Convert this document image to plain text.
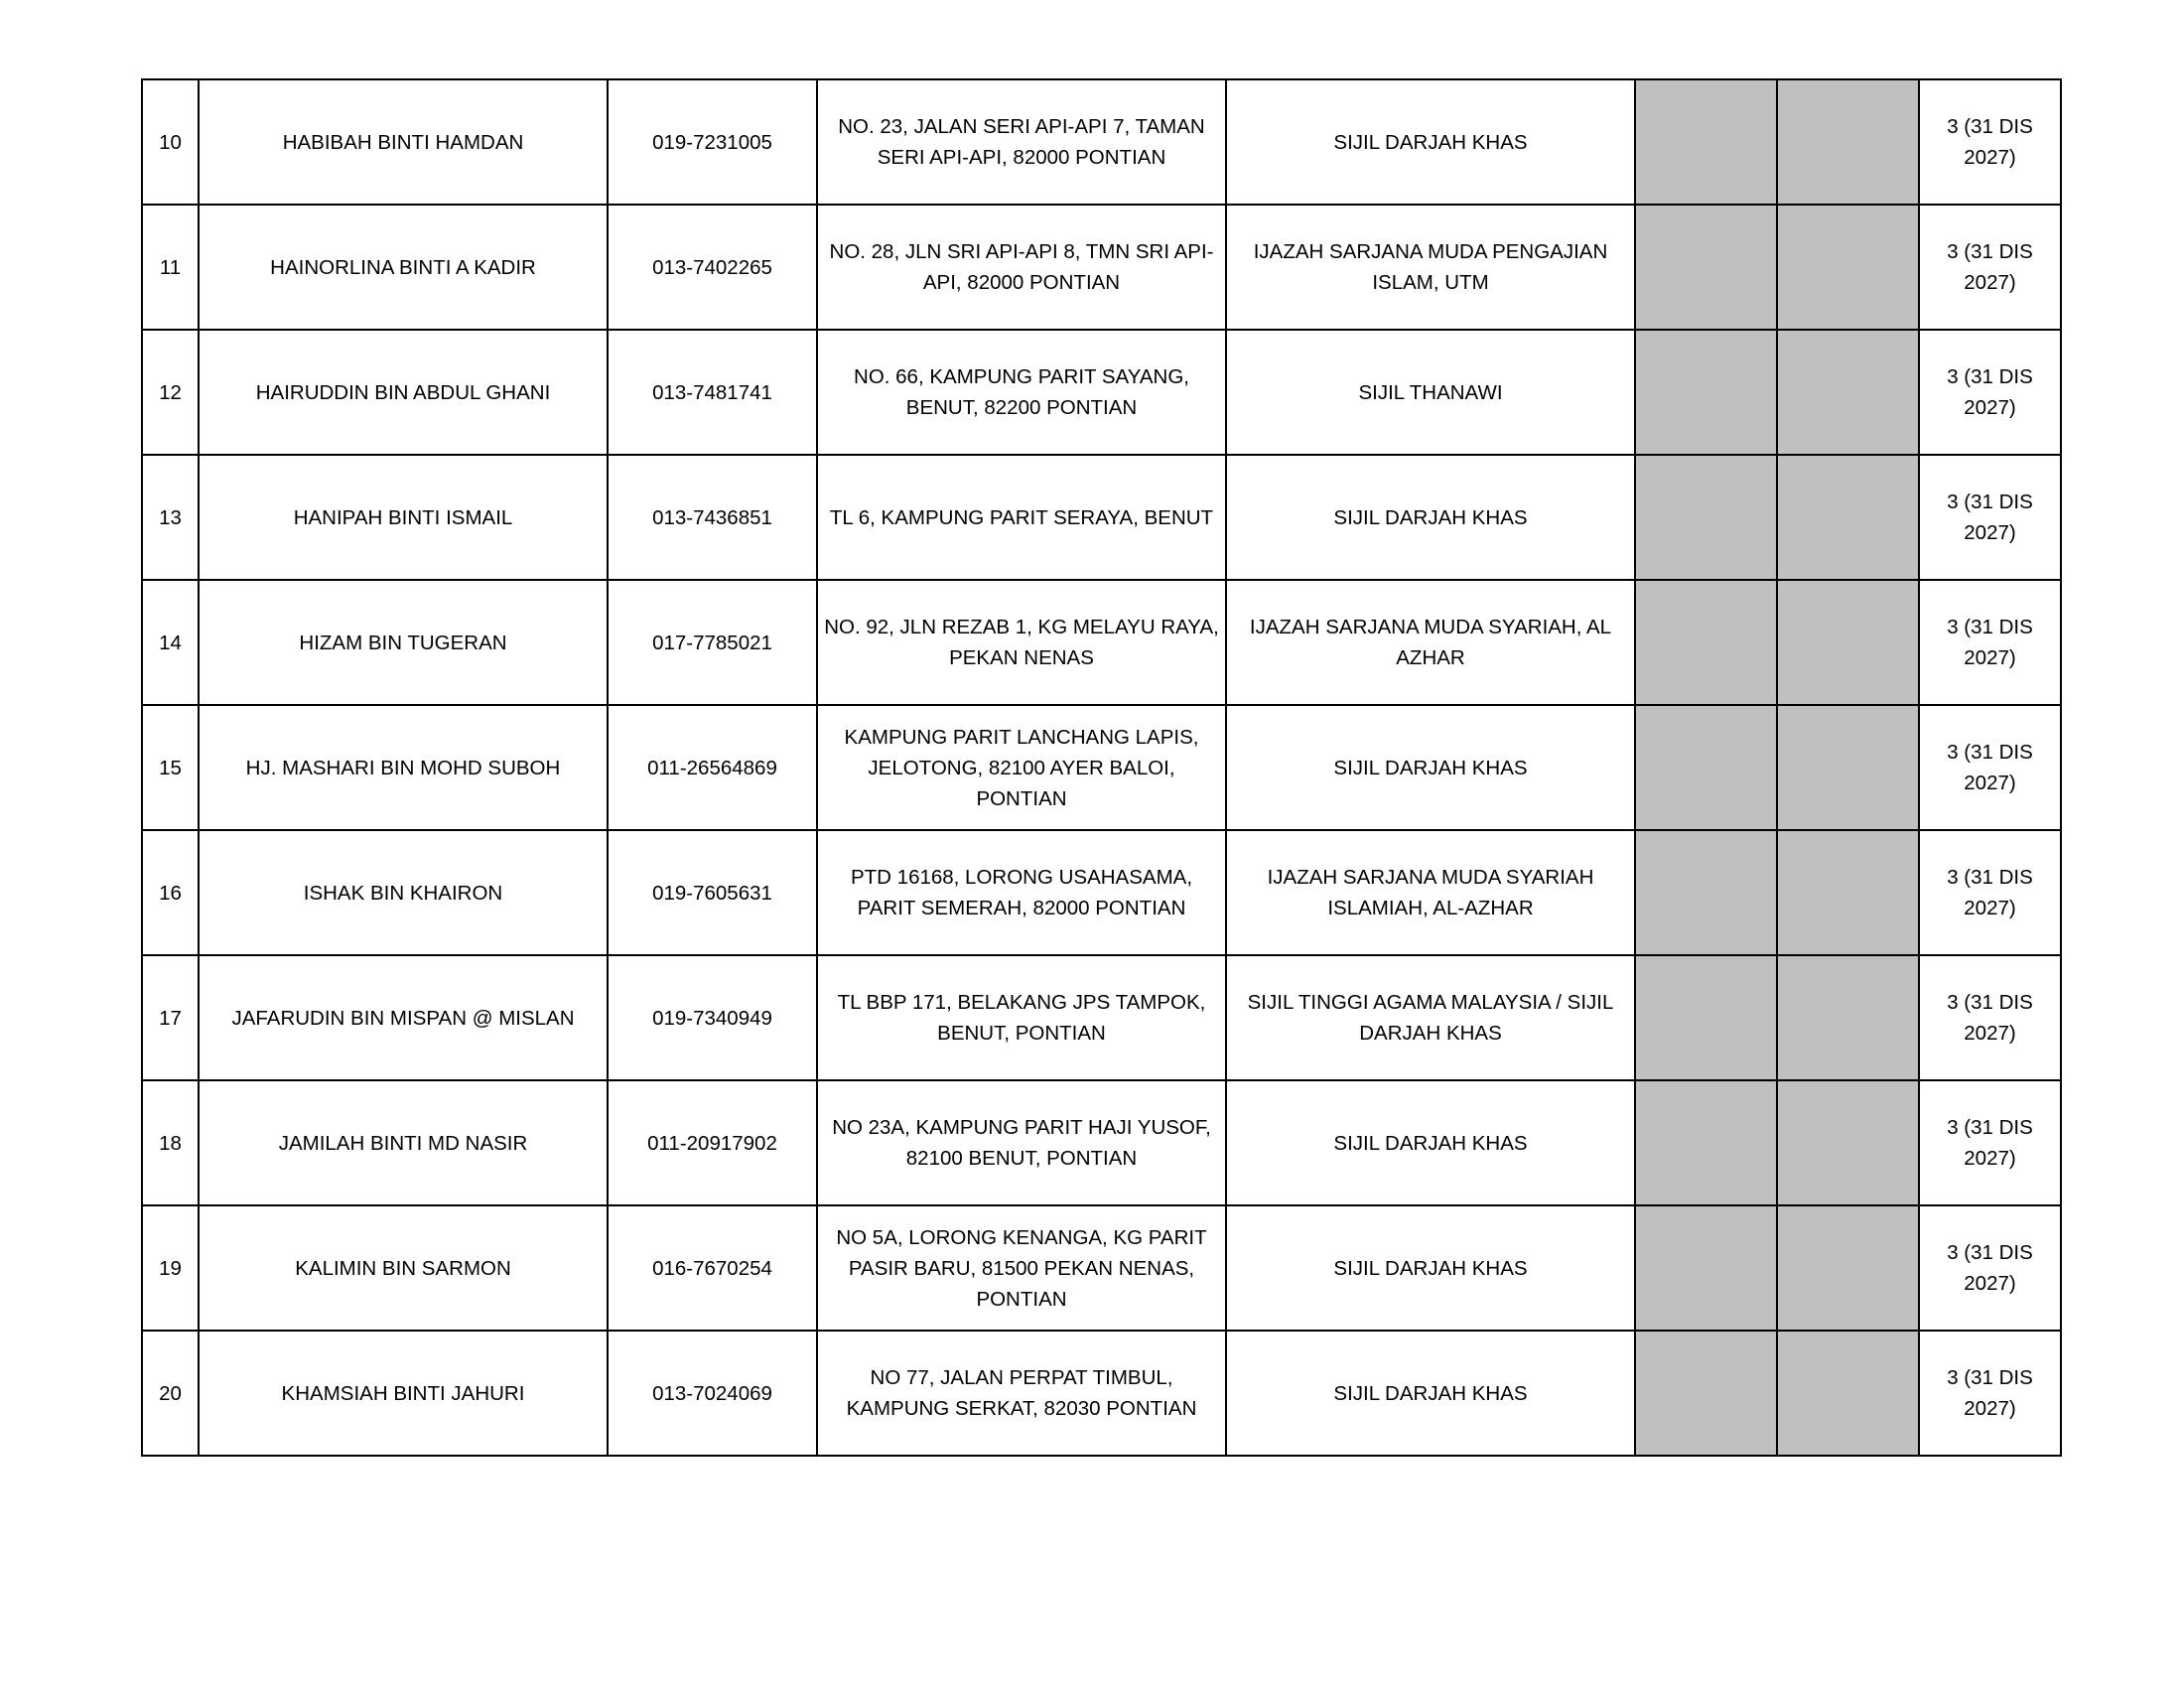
10	HABIBAH BINTI HAMDAN	019-7231005	NO. 23, JALAN SERI API-API 7, TAMAN SERI API-API, 82000 PONTIAN	SIJIL DARJAH KHAS			3 (31 DIS 2027)
11	HAINORLINA BINTI A KADIR	013-7402265	NO. 28, JLN SRI API-API 8, TMN SRI API-API, 82000 PONTIAN	IJAZAH SARJANA MUDA PENGAJIAN ISLAM, UTM			3 (31 DIS 2027)
12	HAIRUDDIN BIN ABDUL GHANI	013-7481741	NO. 66, KAMPUNG PARIT SAYANG, BENUT, 82200 PONTIAN	SIJIL THANAWI			3 (31 DIS 2027)
13	HANIPAH BINTI ISMAIL	013-7436851	TL 6, KAMPUNG PARIT SERAYA, BENUT	SIJIL DARJAH KHAS			3 (31 DIS 2027)
14	HIZAM BIN TUGERAN	017-7785021	NO. 92, JLN REZAB 1, KG MELAYU RAYA, PEKAN NENAS	IJAZAH SARJANA MUDA SYARIAH, AL AZHAR			3 (31 DIS 2027)
15	HJ. MASHARI BIN MOHD SUBOH	011-26564869	KAMPUNG PARIT LANCHANG LAPIS, JELOTONG, 82100 AYER BALOI, PONTIAN	SIJIL DARJAH KHAS			3 (31 DIS 2027)
16	ISHAK BIN KHAIRON	019-7605631	PTD 16168, LORONG USAHASAMA, PARIT SEMERAH, 82000 PONTIAN	IJAZAH SARJANA MUDA SYARIAH ISLAMIAH, AL-AZHAR			3 (31 DIS 2027)
17	JAFARUDIN BIN MISPAN @ MISLAN	019-7340949	TL BBP 171, BELAKANG JPS TAMPOK, BENUT, PONTIAN	SIJIL TINGGI AGAMA MALAYSIA / SIJIL DARJAH KHAS			3 (31 DIS 2027)
18	JAMILAH BINTI MD NASIR	011-20917902	NO 23A, KAMPUNG PARIT HAJI YUSOF, 82100 BENUT, PONTIAN	SIJIL DARJAH KHAS			3 (31 DIS 2027)
19	KALIMIN BIN SARMON	016-7670254	NO 5A, LORONG KENANGA, KG PARIT PASIR BARU, 81500 PEKAN NENAS, PONTIAN	SIJIL DARJAH KHAS			3 (31 DIS 2027)
20	KHAMSIAH BINTI JAHURI	013-7024069	NO 77, JALAN PERPAT TIMBUL, KAMPUNG SERKAT, 82030 PONTIAN	SIJIL DARJAH KHAS			3 (31 DIS 2027)
